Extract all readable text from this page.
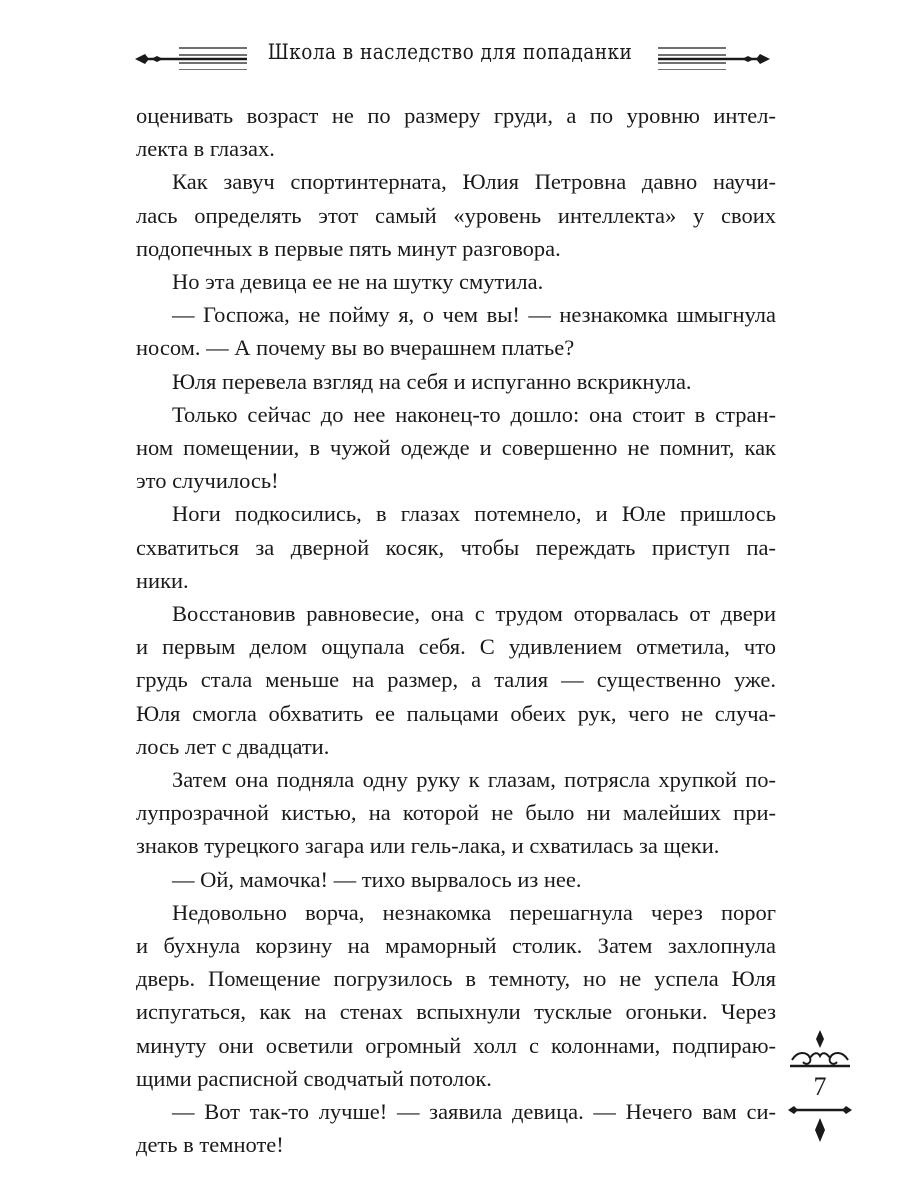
Школа в наследство для попаданки
оценивать возраст не по размеру груди, а по уровню интел-
лекта в глазах.
Как завуч спортинтерната, Юлия Петровна давно научи-
лась определять этот самый «уровень интеллекта» у своих
подопечных в первые пять минут разговора.
Но эта девица ее не на шутку смутила.
— Госпожа, не пойму я, о чем вы! — незнакомка шмыгнула
носом. — А почему вы во вчерашнем платье?
Юля перевела взгляд на себя и испуганно вскрикнула.
Только сейчас до нее наконец-то дошло: она стоит в стран-
ном помещении, в чужой одежде и совершенно не помнит, как
это случилось!
Ноги подкосились, в глазах потемнело, и Юле пришлось
схватиться за дверной косяк, чтобы переждать приступ па-
ники.
Восстановив равновесие, она с трудом оторвалась от двери
и первым делом ощупала себя. С удивлением отметила, что
грудь стала меньше на размер, а талия — существенно уже.
Юля смогла обхватить ее пальцами обеих рук, чего не случа-
лось лет с двадцати.
Затем она подняла одну руку к глазам, потрясла хрупкой по-
лупрозрачной кистью, на которой не было ни малейших при-
знаков турецкого загара или гель-лака, и схватилась за щеки.
— Ой, мамочка! — тихо вырвалось из нее.
Недовольно ворча, незнакомка перешагнула через порог
и бухнула корзину на мраморный столик. Затем захлопнула
дверь. Помещение погрузилось в темноту, но не успела Юля
испугаться, как на стенах вспыхнули тусклые огоньки. Через
минуту они осветили огромный холл с колоннами, подпираю-
щими расписной сводчатый потолок.
— Вот так-то лучше! — заявила девица. — Нечего вам си-
деть в темноте!
7
